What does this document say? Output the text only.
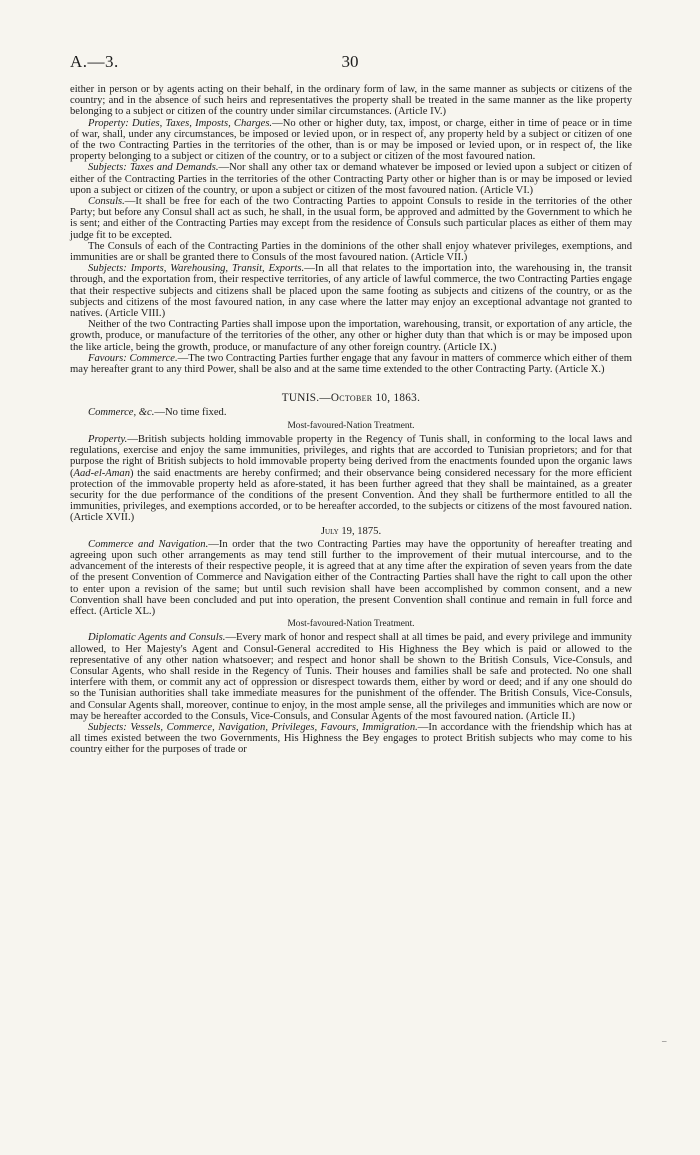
A.—3.	30

either in person or by agents acting on their behalf, in the ordinary form of law, in the same manner as subjects or citizens of the country; and in the absence of such heirs and representatives the property shall be treated in the same manner as the like property belonging to a subject or citizen of the country under similar circumstances. (Article IV.)

Property: Duties, Taxes, Imposts, Charges.—No other or higher duty, tax, impost, or charge, either in time of peace or in time of war, shall, under any circumstances, be imposed or levied upon, or in respect of, any property held by a subject or citizen of one of the two Contracting Parties in the territories of the other, than is or may be imposed or levied upon, or in respect of, the like property belonging to a subject or citizen of the country, or to a subject or citizen of the most favoured nation.

Subjects: Taxes and Demands.—Nor shall any other tax or demand whatever be imposed or levied upon a subject or citizen of either of the Contracting Parties in the territories of the other Contracting Party other or higher than is or may be imposed or levied upon a subject or citizen of the country, or upon a subject or citizen of the most favoured nation. (Article VI.)

Consuls.—It shall be free for each of the two Contracting Parties to appoint Consuls to reside in the territories of the other Party; but before any Consul shall act as such, he shall, in the usual form, be approved and admitted by the Government to which he is sent; and either of the Contracting Parties may except from the residence of Consuls such particular places as either of them may judge fit to be excepted.

The Consuls of each of the Contracting Parties in the dominions of the other shall enjoy whatever privileges, exemptions, and immunities are or shall be granted there to Consuls of the most favoured nation. (Article VII.)

Subjects: Imports, Warehousing, Transit, Exports.—In all that relates to the importation into, the warehousing in, the transit through, and the exportation from, their respective territories, of any article of lawful commerce, the two Contracting Parties engage that their respective subjects and citizens shall be placed upon the same footing as subjects and citizens of the country, or as the subjects and citizens of the most favoured nation, in any case where the latter may enjoy an exceptional advantage not granted to natives. (Article VIII.)

Neither of the two Contracting Parties shall impose upon the importation, warehousing, transit, or exportation of any article, the growth, produce, or manufacture of the territories of the other, any other or higher duty than that which is or may be imposed upon the like article, being the growth, produce, or manufacture of any other foreign country. (Article IX.)

Favours: Commerce.—The two Contracting Parties further engage that any favour in matters of commerce which either of them may hereafter grant to any third Power, shall be also and at the same time extended to the other Contracting Party. (Article X.)

TUNIS.—October 10, 1863.

Commerce, &c.—No time fixed.

Most-favoured-Nation Treatment.

Property.—British subjects holding immovable property in the Regency of Tunis shall, in conforming to the local laws and regulations, exercise and enjoy the same immunities, privileges, and rights that are accorded to Tunisian proprietors; and for that purpose the right of British subjects to hold immovable property being derived from the enactments founded upon the organic laws (Aad-el-Aman) the said enactments are hereby confirmed; and their observance being considered necessary for the more efficient protection of the immovable property held as afore-stated, it has been further agreed that they shall be maintained, as a greater security for the due performance of the conditions of the present Convention. And they shall be furthermore entitled to all the immunities, privileges, and exemptions accorded, or to be hereafter accorded, to the subjects or citizens of the most favoured nation. (Article XVII.)

July 19, 1875.

Commerce and Navigation.—In order that the two Contracting Parties may have the opportunity of hereafter treating and agreeing upon such other arrangements as may tend still further to the improvement of their mutual intercourse, and to the advancement of the interests of their respective people, it is agreed that at any time after the expiration of seven years from the date of the present Convention of Commerce and Navigation either of the Contracting Parties shall have the right to call upon the other to enter upon a revision of the same; but until such revision shall have been accomplished by common consent, and a new Convention shall have been concluded and put into operation, the present Convention shall continue and remain in full force and effect. (Article XL.)

Most-favoured-Nation Treatment.

Diplomatic Agents and Consuls.—Every mark of honor and respect shall at all times be paid, and every privilege and immunity allowed, to Her Majesty's Agent and Consul-General accredited to His Highness the Bey which is paid or allowed to the representative of any other nation whatsoever; and respect and honor shall be shown to the British Consuls, Vice-Consuls, and Consular Agents, who shall reside in the Regency of Tunis. Their houses and families shall be safe and protected. No one shall interfere with them, or commit any act of oppression or disrespect towards them, either by word or deed; and if any one should do so the Tunisian authorities shall take immediate measures for the punishment of the offender. The British Consuls, Vice-Consuls, and Consular Agents shall, moreover, continue to enjoy, in the most ample sense, all the privileges and immunities which are now or may be hereafter accorded to the Consuls, Vice-Consuls, and Consular Agents of the most favoured nation. (Article II.)

Subjects: Vessels, Commerce, Navigation, Privileges, Favours, Immigration.—In accordance with the friendship which has at all times existed between the two Governments, His Highness the Bey engages to protect British subjects who may come to his country either for the purposes of trade or

–
